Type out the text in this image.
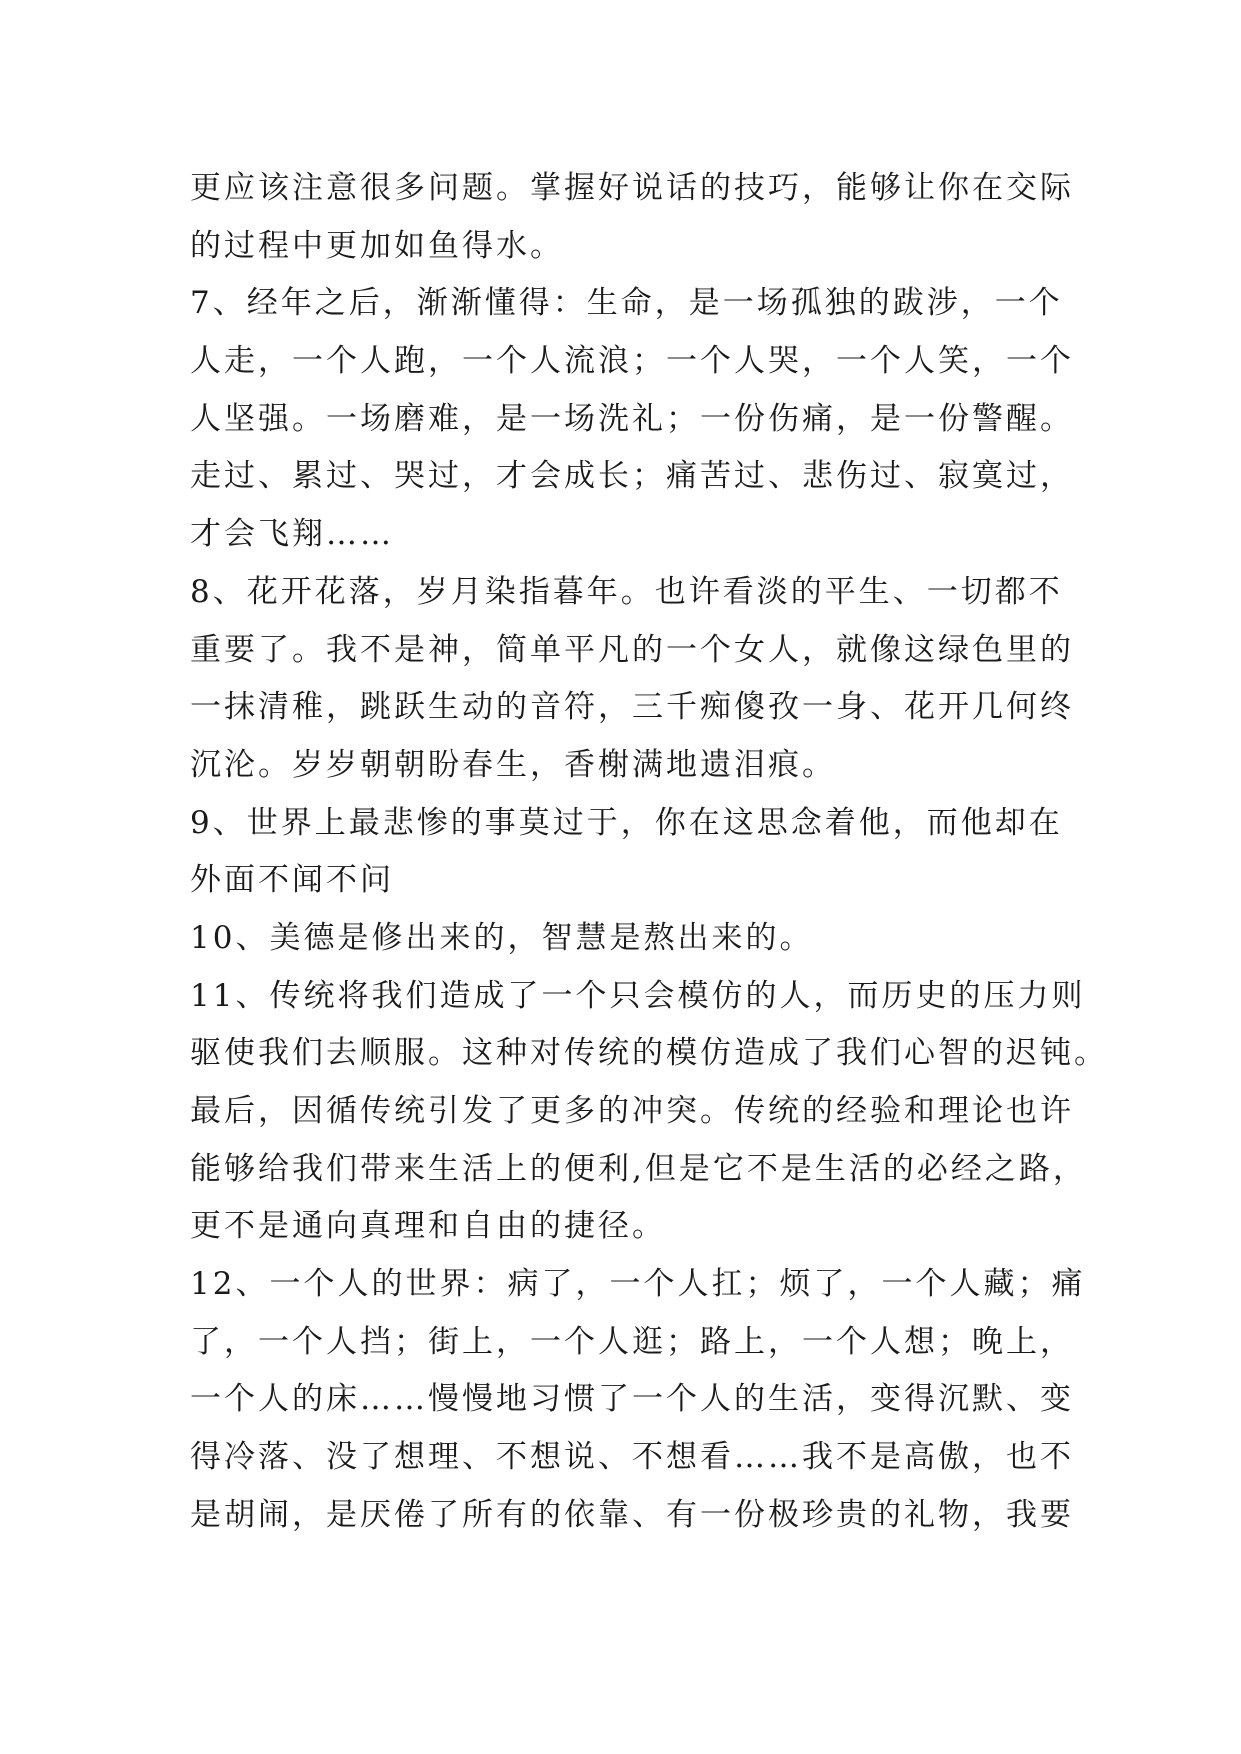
更应该注意很多问题。掌握好说话的技巧，能够让你在交际
的过程中更加如鱼得水。
7、经年之后，渐渐懂得：生命，是一场孤独的跋涉，一个
人走，一个人跑，一个人流浪；一个人哭，一个人笑，一个
人坚强。一场磨难，是一场洗礼；一份伤痛，是一份警醒。
走过、累过、哭过，才会成长；痛苦过、悲伤过、寂寞过，
才会飞翔……
8、花开花落，岁月染指暮年。也许看淡的平生、一切都不
重要了。我不是神，简单平凡的一个女人，就像这绿色里的
一抹清稚，跳跃生动的音符，三千痴傻孜一身、花开几何终
沉沦。岁岁朝朝盼春生，香榭满地遗泪痕。
9、世界上最悲惨的事莫过于，你在这思念着他，而他却在
外面不闻不问
10、美德是修出来的，智慧是熬出来的。
11、传统将我们造成了一个只会模仿的人，而历史的压力则
驱使我们去顺服。这种对传统的模仿造成了我们心智的迟钝。
最后，因循传统引发了更多的冲突。传统的经验和理论也许
能够给我们带来生活上的便利,但是它不是生活的必经之路，
更不是通向真理和自由的捷径。
12、一个人的世界：病了，一个人扛；烦了，一个人藏；痛
了，一个人挡；街上，一个人逛；路上，一个人想；晚上，
一个人的床……慢慢地习惯了一个人的生活，变得沉默、变
得冷落、没了想理、不想说、不想看……我不是高傲，也不
是胡闹，是厌倦了所有的依靠、有一份极珍贵的礼物，我要
